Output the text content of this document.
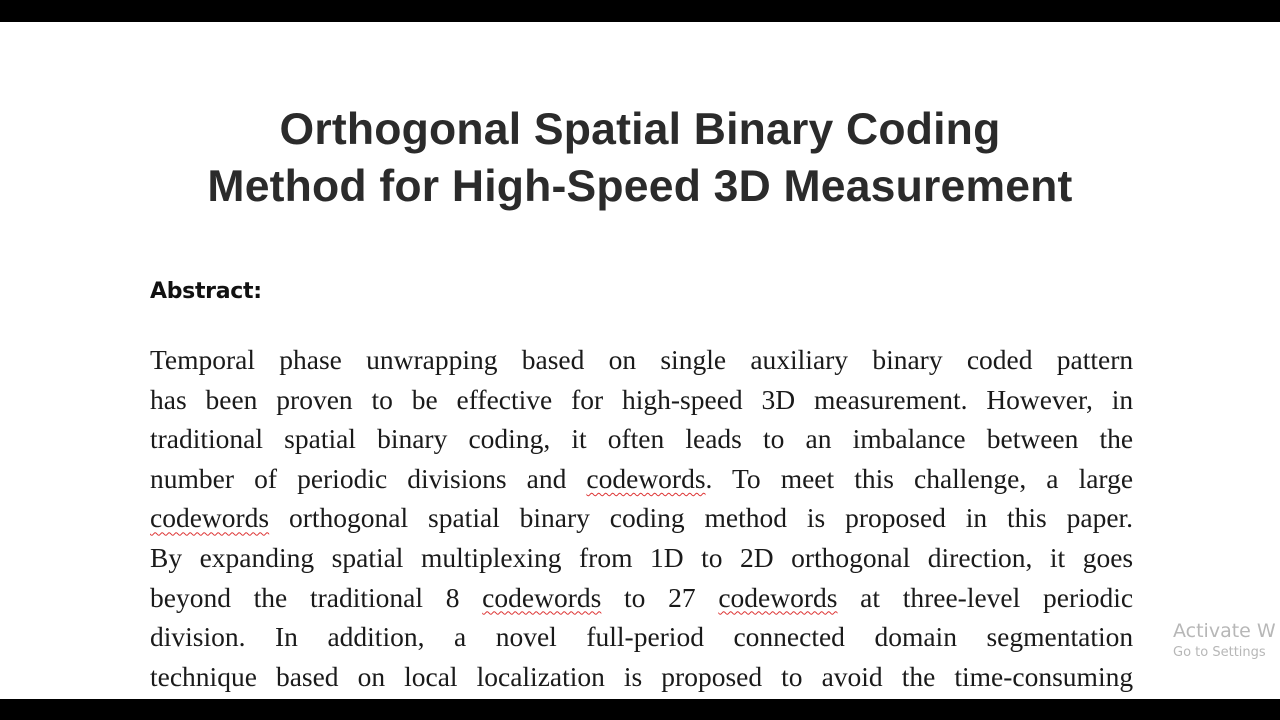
Orthogonal Spatial Binary Coding
Method for High-Speed 3D Measurement
Abstract:
Temporal phase unwrapping based on single auxiliary binary coded pattern
has been proven to be effective for high-speed 3D measurement. However, in
traditional spatial binary coding, it often leads to an imbalance between the
number of periodic divisions and codewords. To meet this challenge, a large
codewords orthogonal spatial binary coding method is proposed in this paper.
By expanding spatial multiplexing from 1D to 2D orthogonal direction, it goes
beyond the traditional 8 codewords to 27 codewords at three-level periodic
division. In addition, a novel full-period connected domain segmentation
technique based on local localization is proposed to avoid the time-consuming
Activate W
Go to Settings
